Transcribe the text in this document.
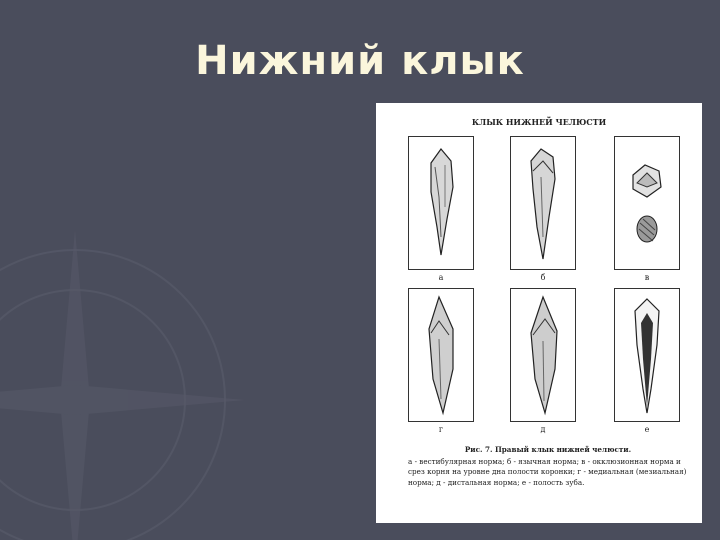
Нижний клык
КЛЫК НИЖНЕЙ ЧЕЛЮСТИ
а	б	в
г	д	е
Рис. 7. Правый клык нижней челюсти.
а - вестибулярная норма; б - язычная норма; в - окклюзионная норма и срез корня на уровне дна полости коронки; г - медиальная (мезиальная) норма; д - дистальная норма; е - полость зуба.
